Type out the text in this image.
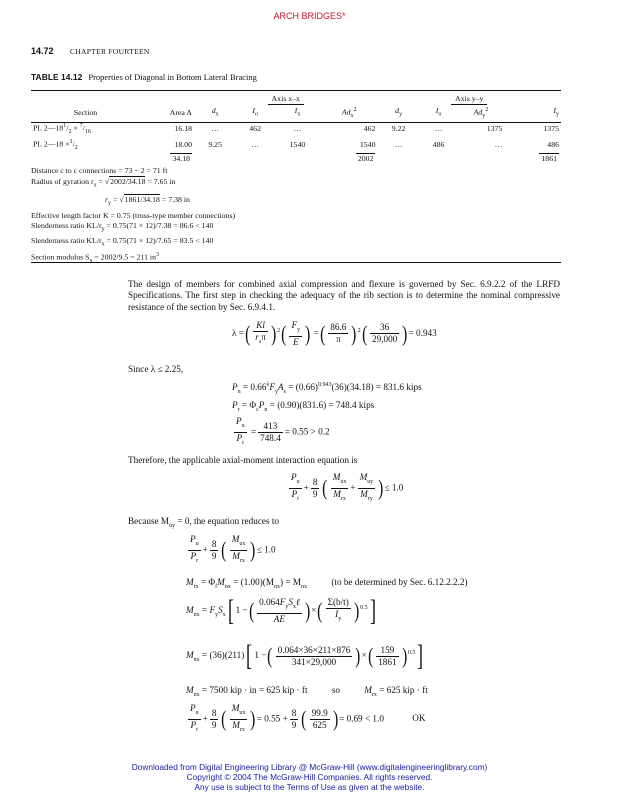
ARCH BRIDGES*
14.72 CHAPTER FOURTEEN
TABLE 14.12 Properties of Diagonal in Bottom Lateral Bracing
		Axis x–x				Axis y–y			
Section	Area A	$d_x$	$I_o$	$I_x$	$Ad_x^2$	$d_y$	$I_o$	$Ad_y^2$	$I_y$
PL $2—18^1/_2 \times ^7/_{16}$	16.18	…	462	…	462	9.22	…	1375	1375
PL 2—18 $\times^1/_2$	18.00	9.25	…	1540	1540	…	486	…	486
	34.18				2002				1861
Distance c to c connections = 73 − 2 = 71 ft
Radius of gyration $r_x = √2002/34.18 = 7.65$ in
$r_y = √1861/34.18 = 7.38$ in
Effective length factor K = 0.75 (truss-type member connections)
Slenderness ratio $KL/r_y = 0.75(71 \times 12)/7.38 = 86.6 < 140$
Slenderness ratio $KL/r_x = 0.75(71 \times 12)/7.65 = 83.5 < 140$
Section modulus $S_x = 2002/9.5 = 211$ $in^3$
The design of members for combined axial compression and flexure is governed by Sec. 6.9.2.2 of the LRFD Specifications. The first step in checking the adequacy of the rib section is to determine the nominal compressive resistance of the section by Sec. 6.9.4.1.
λ =( $\frac{Kl}{r_s\pi} )^2( \frac{F_y}{E}$ ) =( $\frac{86.6}{\pi} )^2( \frac{36}{29,000}$ )= 0.943
Since λ ≤ 2.25,
$P_n = 0.66^\lambda F_yA_s = (0.66)^{0.943}(36)(34.18) = 831.6$ kips
$P_r = \Phi_cP_n = (0.90)(831.6) = 748.4$ kips
$\frac{P_u}{P_r} = \frac{413}{748.4} = 0.55 > 0.2$
Therefore, the applicable axial-moment interaction equation is
$\frac{P_u}{P_r} + \frac{8}{9}$ ( $\frac{M_{ux}}{M_{rx}} + \frac{M_{uy}}{M_{ry}}$ )≤ 1.0
Because $M_{uy} = 0$, the equation reduces to
$\frac{P_u}{P_r} + \frac{8}{9}$ ( $\frac{M_{ux}}{M_{rx}}$ )≤ 1.0
$M_{rx} = \Phi_fM_{nx} = (1.00)(M_{nx}) = M_{nx}$	(to be determined by Sec. 6.12.2.2.2)
$M_{nx} = F_yS_x$[ 1 −( $\frac{0.064F_yS_x\ell}{AE}$ )×( $\frac{\Sigma(b/t)}{I_y} )^{0.5}$]
$M_{nx} = (36)(211)$[ 1 −( $\frac{0.064\times 36\times 211\times 876}{341\times 29,000}$ )×( $\frac{159}{1861} )^{0.5}$]
$M_{nx} = 7500$ kip · in = 625 kip · ft	so	$M_{rx} = 625$ kip · ft
$\frac{P_u}{P_r} + \frac{8}{9}$ ( $\frac{M_{ux}}{M_{rx}}$ )= $0.55 + \frac{8}{9}$ ( $\frac{99.9}{625}$ )= 0.69 < 1.0	OK
Downloaded from Digital Engineering Library @ McGraw-Hill (www.digitalengineeringlibrary.com)
Copyright © 2004 The McGraw-Hill Companies. All rights reserved.
Any use is subject to the Terms of Use as given at the website.
